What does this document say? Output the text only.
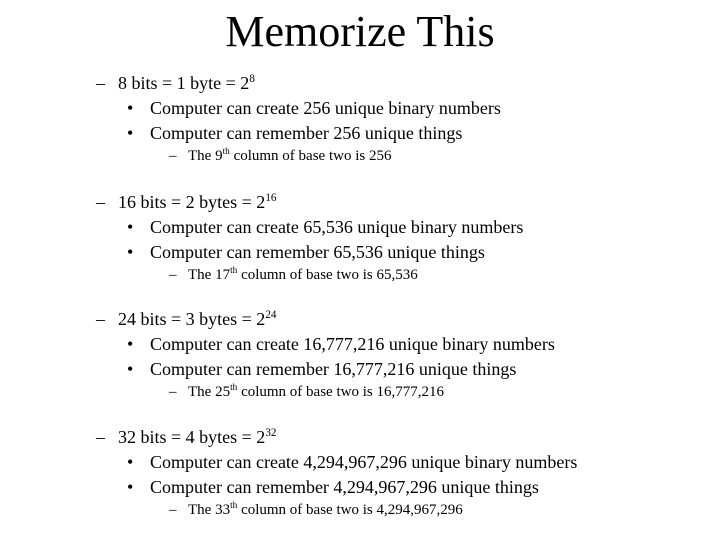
Memorize This
– 8 bits = 1 byte = $2^8$
• Computer can create 256 unique binary numbers
• Computer can remember 256 unique things
– The 9th column of base two is 256
– 16 bits = 2 bytes = $2^{16}$
• Computer can create 65,536 unique binary numbers
• Computer can remember 65,536 unique things
– The 17th column of base two is 65,536
– 24 bits = 3 bytes = $2^{24}$
• Computer can create 16,777,216 unique binary numbers
• Computer can remember 16,777,216 unique things
– The 25th column of base two is 16,777,216
– 32 bits = 4 bytes = $2^{32}$
• Computer can create 4,294,967,296 unique binary numbers
• Computer can remember 4,294,967,296 unique things
– The 33th column of base two is 4,294,967,296
